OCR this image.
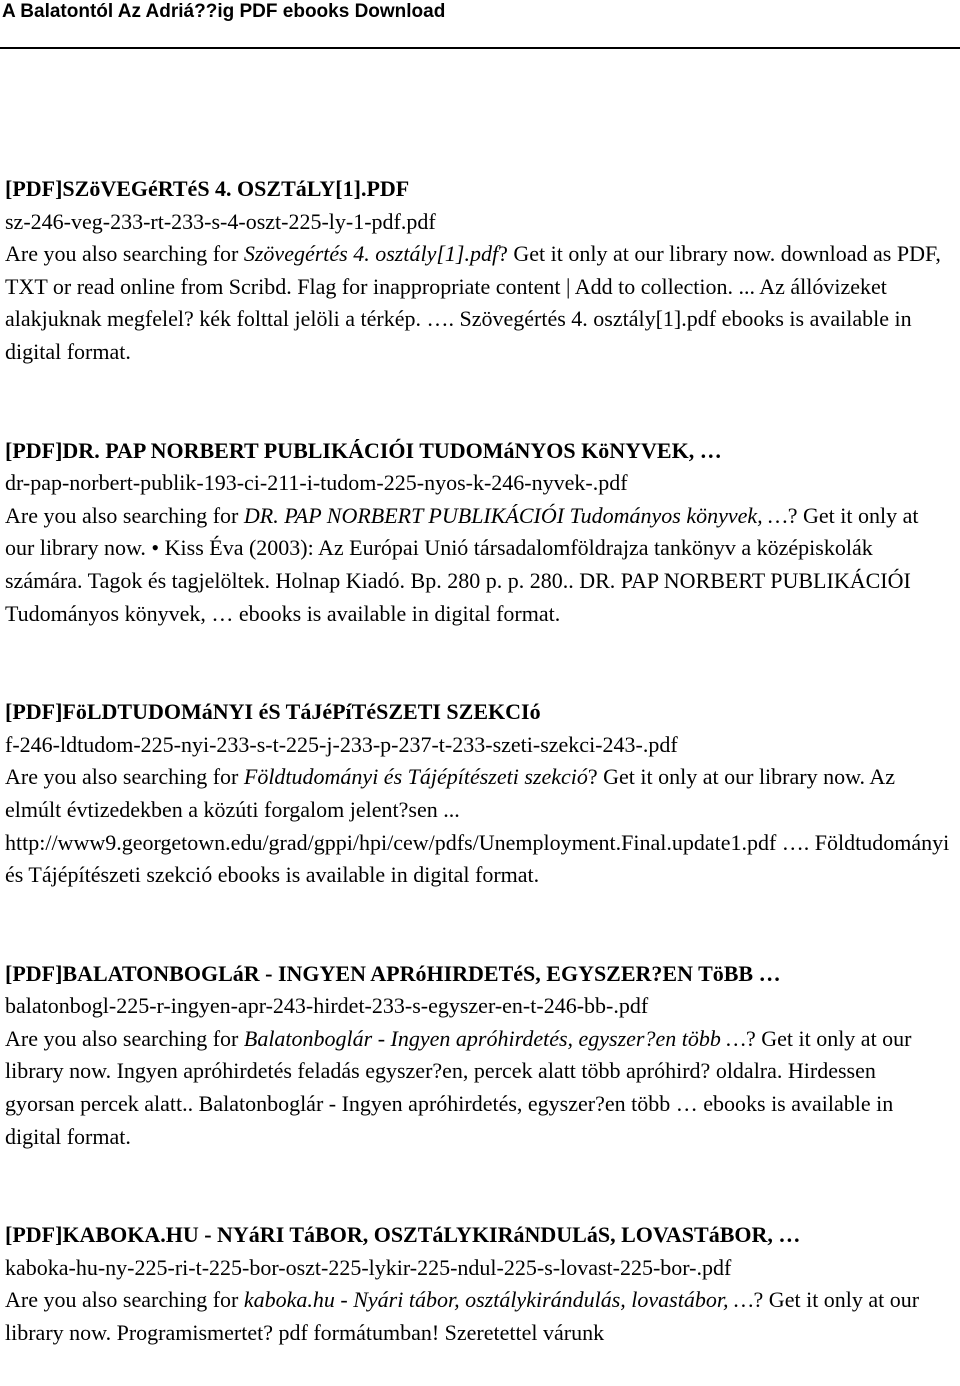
A Balatontól Az Adriá??ig PDF ebooks Download
[PDF]SZöVEGéRTéS 4. OSZTáLY[1].PDF
sz-246-veg-233-rt-233-s-4-oszt-225-ly-1-pdf.pdf
Are you also searching for Szövegértés 4. osztály[1].pdf? Get it only at our library now. download as PDF, TXT or read online from Scribd. Flag for inappropriate content | Add to collection. ... Az állóvizeket alakjuknak megfelel? kék folttal jelöli a térkép. …. Szövegértés 4. osztály[1].pdf ebooks is available in digital format.
[PDF]DR. PAP NORBERT PUBLIKÁCIÓI TUDOMáNYOS KöNYVEK, …
dr-pap-norbert-publik-193-ci-211-i-tudom-225-nyos-k-246-nyvek-.pdf
Are you also searching for DR. PAP NORBERT PUBLIKÁCIÓI Tudományos könyvek, …? Get it only at our library now. • Kiss Éva (2003): Az Európai Unió társadalomföldrajza tankönyv a középiskolák számára. Tagok és tagjelöltek. Holnap Kiadó. Bp. 280 p. p. 280.. DR. PAP NORBERT PUBLIKÁCIÓI Tudományos könyvek, … ebooks is available in digital format.
[PDF]FöLDTUDOMáNYI éS TáJéPíTéSZETI SZEKCIó
f-246-ldtudom-225-nyi-233-s-t-225-j-233-p-237-t-233-szeti-szekci-243-.pdf
Are you also searching for Földtudományi és Tájépítészeti szekció? Get it only at our library now. Az elmúlt évtizedekben a közúti forgalom jelent?sen ... http://www9.georgetown.edu/grad/gppi/hpi/cew/pdfs/Unemployment.Final.update1.pdf …. Földtudományi és Tájépítészeti szekció ebooks is available in digital format.
[PDF]BALATONBOGLáR - INGYEN APRóHIRDETéS, EGYSZER?EN TöBB …
balatonbogl-225-r-ingyen-apr-243-hirdet-233-s-egyszer-en-t-246-bb-.pdf
Are you also searching for Balatonboglár - Ingyen apróhirdetés, egyszer?en több …? Get it only at our library now. Ingyen apróhirdetés feladás egyszer?en, percek alatt több apróhird? oldalra. Hirdessen gyorsan percek alatt.. Balatonboglár - Ingyen apróhirdetés, egyszer?en több … ebooks is available in digital format.
[PDF]KABOKA.HU - NYáRI TáBOR, OSZTáLYKIRáNDULáS, LOVASTáBOR, …
kaboka-hu-ny-225-ri-t-225-bor-oszt-225-lykir-225-ndul-225-s-lovast-225-bor-.pdf
Are you also searching for kaboka.hu - Nyári tábor, osztálykirándulás, lovastábor, …? Get it only at our library now. Programismertet? pdf formátumban! Szeretettel várunk
